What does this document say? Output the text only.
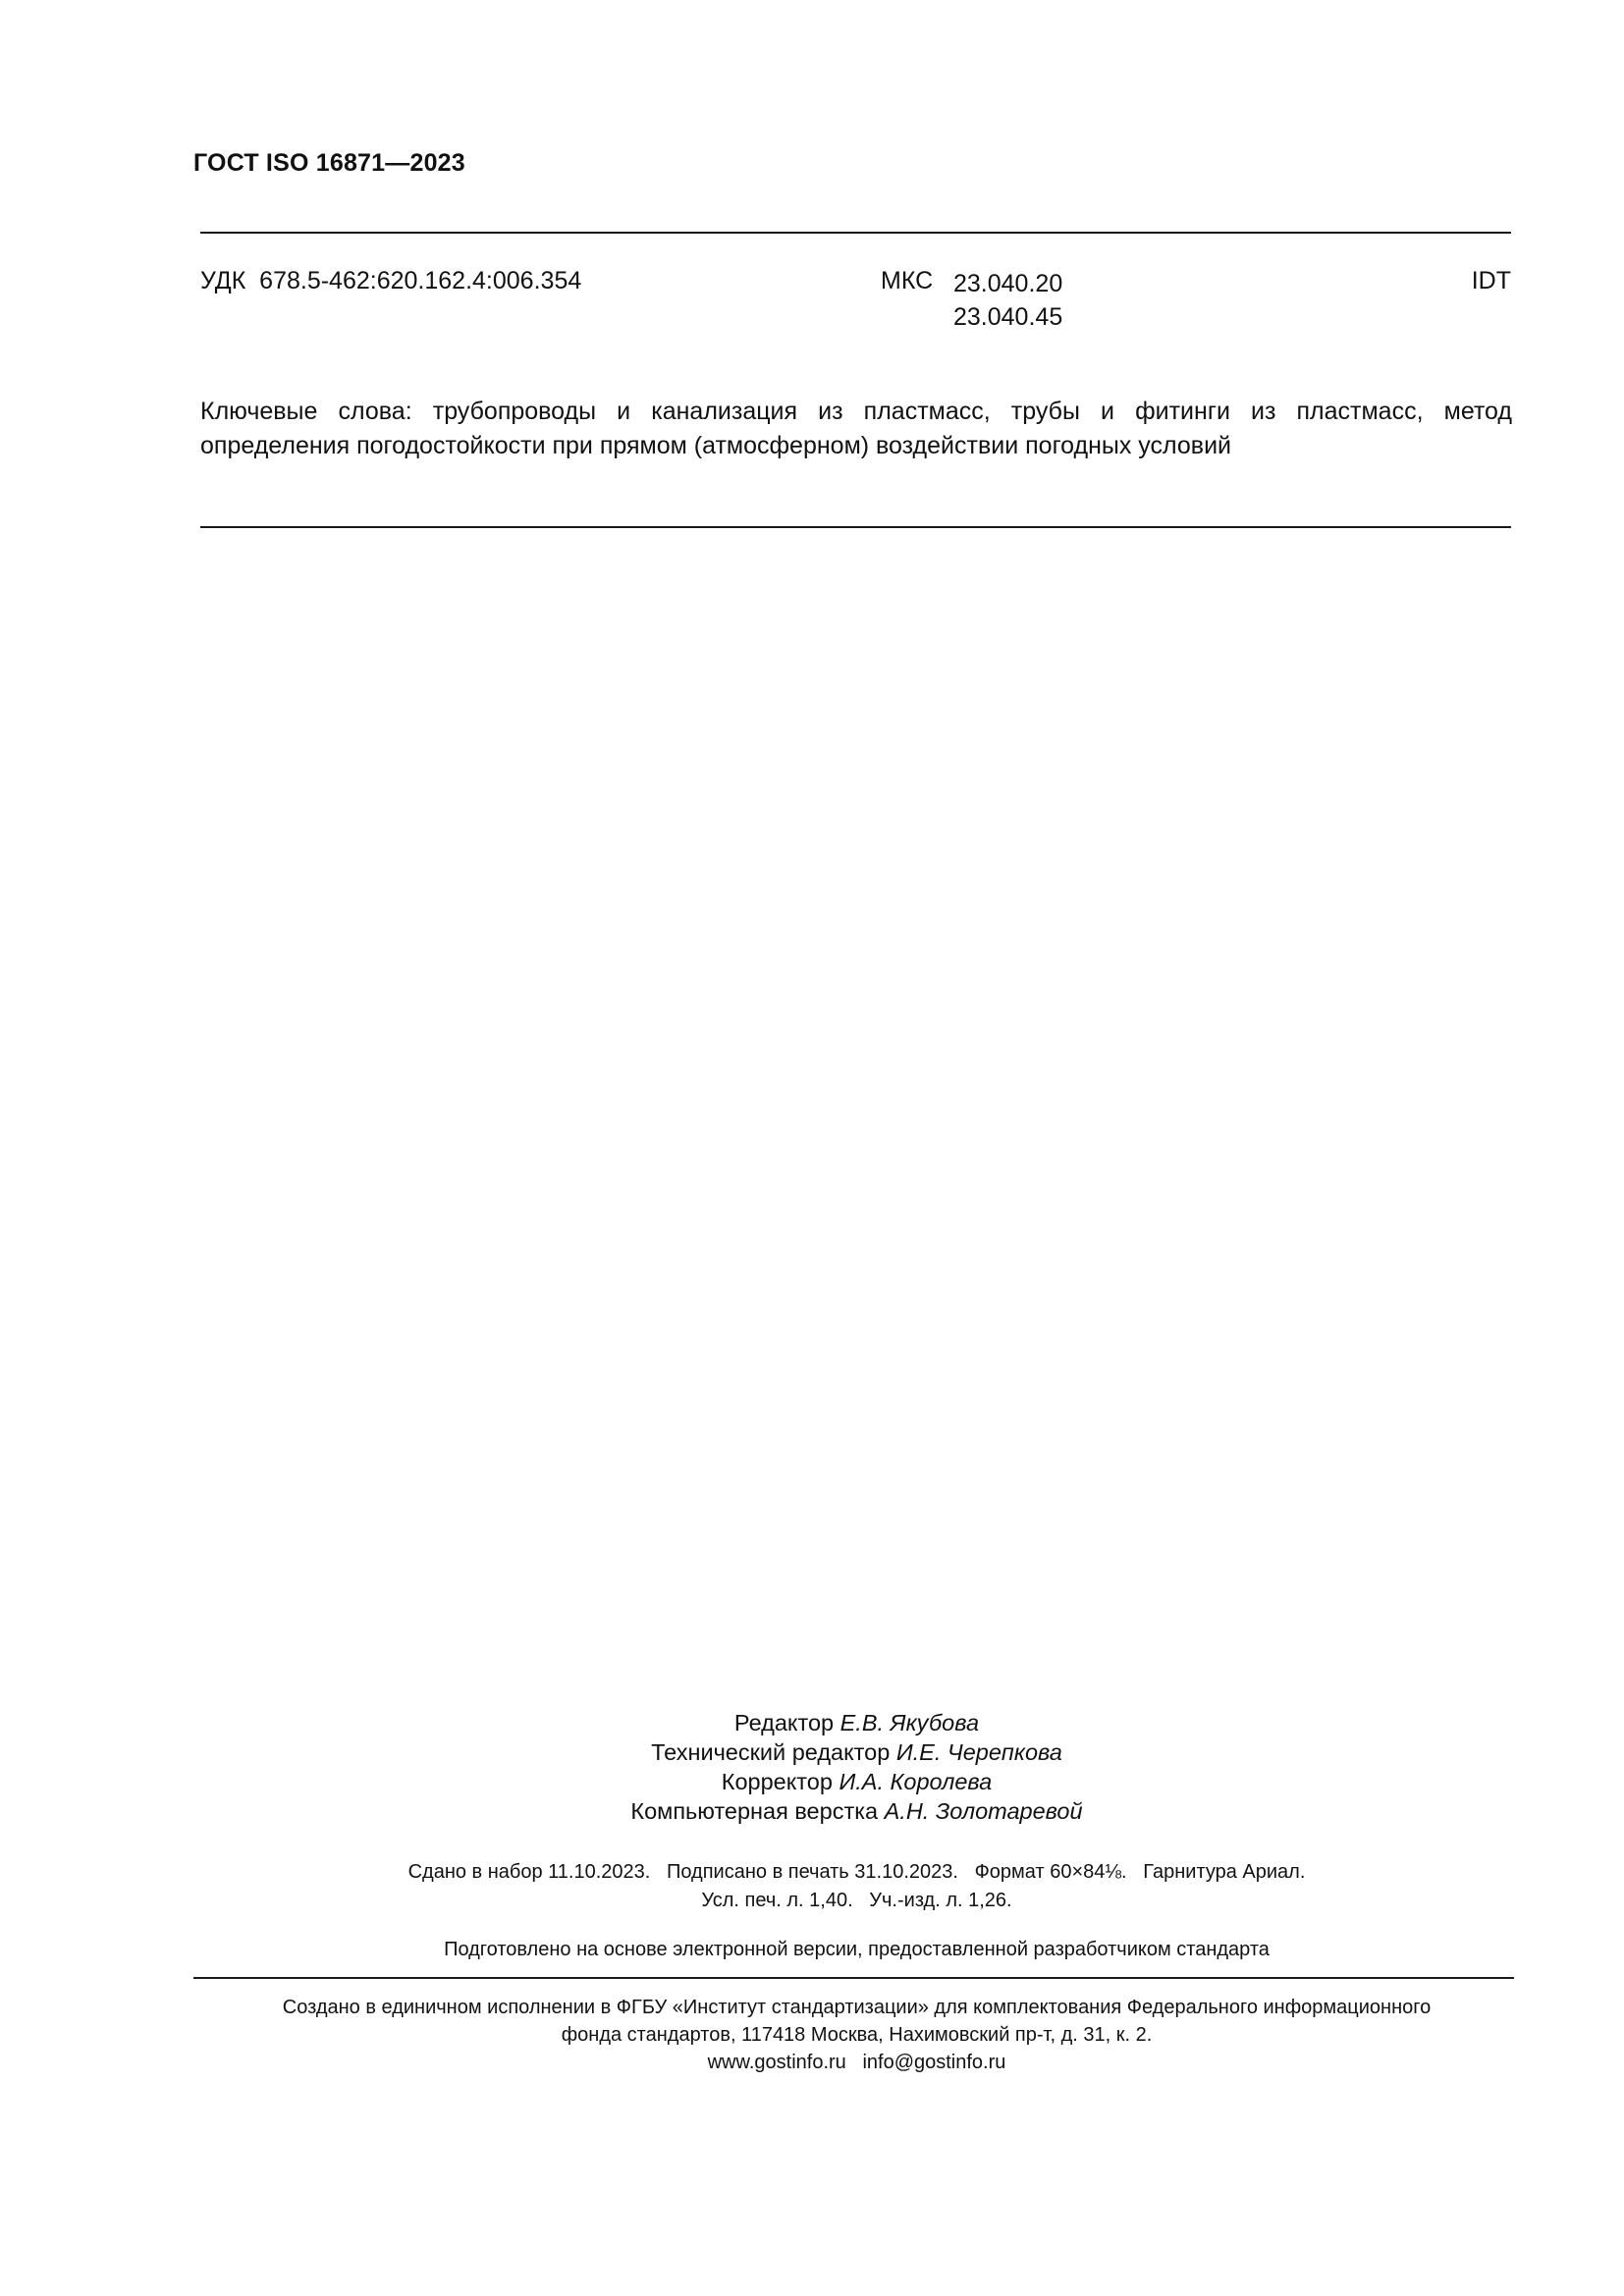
ГОСТ ISO 16871—2023
УДК 678.5-462:620.162.4:006.354	МКС 23.040.20
23.040.45
IDT
Ключевые слова: трубопроводы и канализация из пластмасс, трубы и фитинги из пластмасс, метод
определения погодостойкости при прямом (атмосферном) воздействии погодных условий
Редактор Е.В. Якубова
Технический редактор И.Е. Черепкова
Корректор И.А. Королева
Компьютерная верстка А.Н. Золотаревой
Сдано в набор 11.10.2023.   Подписано в печать 31.10.2023.   Формат 60×84⅛.   Гарнитура Ариал.
Усл. печ. л. 1,40.   Уч.-изд. л. 1,26.
Подготовлено на основе электронной версии, предоставленной разработчиком стандарта
Создано в единичном исполнении в ФГБУ «Институт стандартизации» для комплектования Федерального информационного
фонда стандартов, 117418 Москва, Нахимовский пр-т, д. 31, к. 2.
www.gostinfo.ru   info@gostinfo.ru
